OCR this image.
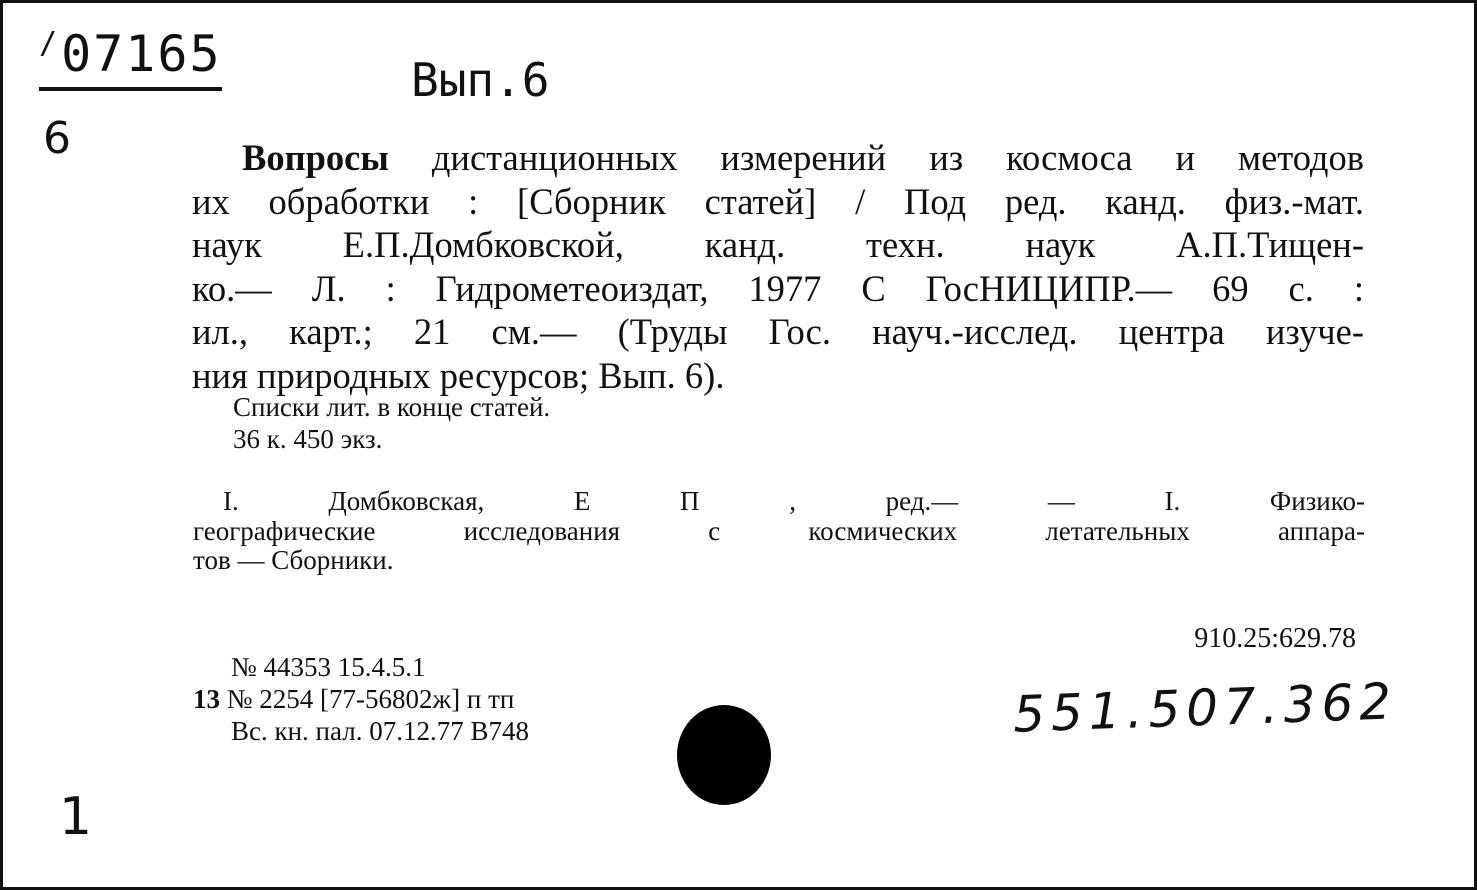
/07165	Вып.6
6	Вопросы дистанционных измерений из космоса и методов
их обработки : [Сборник статей] / Под ред. канд. физ.-мат.
наук Е.П.Домбковской, канд. техн. наук А.П.Тищен-
ко.— Л. : Гидрометеоиздат, 1977 С ГосНИЦИПР.— 69 с. :
ил., карт.; 21 см.— (Труды Гос. науч.-исслед. центра изуче-
ния природных ресурсов; Вып. 6).
Списки лит. в конце статей.
36 к. 450 экз.
I. Домбковская, Е П , ред.— — I. Физико-
географические исследования с космических летательных аппара-
тов — Сборники.
910.25:629.78
№ 44353 15.4.5.1
13 № 2254 [77-56802ж] п тп
Вс. кн. пал. 07.12.77 В748	551.507.362
1
